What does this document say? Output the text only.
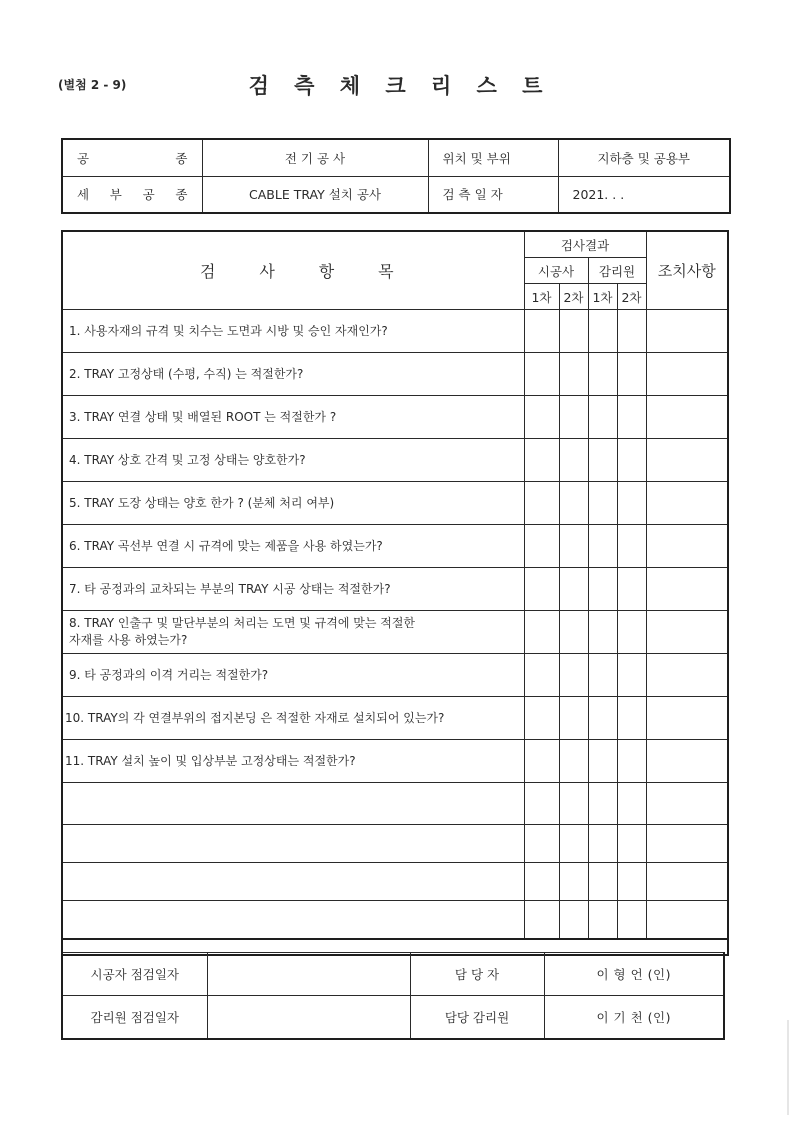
(별첨 2 - 9)	검 측 체 크 리 스 트
공 종	전 기 공 사	위치 및 부위	지하층 및 공용부

세 부 공 종	CABLE TRAY 설치 공사	검 측 일 자	2021. . .
검 사 항 목	검사결과				조치사항
	시공사		감리원		
	1차	2차	1차	2차	
1. 사용자재의 규격 및 치수는 도면과 시방 및 승인 자재인가?					
2. TRAY 고정상태 (수평, 수직) 는 적절한가?					
3. TRAY 연결 상태 및 배열된 ROOT 는 적절한가 ?					
4. TRAY 상호 간격 및 고정 상태는 양호한가?					
5. TRAY 도장 상태는 양호 한가 ? (분체 처리 여부)					
6. TRAY 곡선부 연결 시 규격에 맞는 제품을 사용 하였는가?					
7. 타 공정과의 교차되는 부분의 TRAY 시공 상태는 적절한가?					
8. TRAY 인출구 및 말단부분의 처리는 도면 및 규격에 맞는 적절한
자재를 사용 하였는가?					
9. 타 공정과의 이격 거리는 적절한가?					
10. TRAY의 각 연결부위의 접지본딩 은 적절한 자재로 설치되어 있는가?					
11. TRAY 설치 높이 및 입상부분 고정상태는 적절한가?					

시공자 점검일자		담 당 자	이 형 언 (인)
감리원 점검일자		담당 감리원	이 기 천 (인)
